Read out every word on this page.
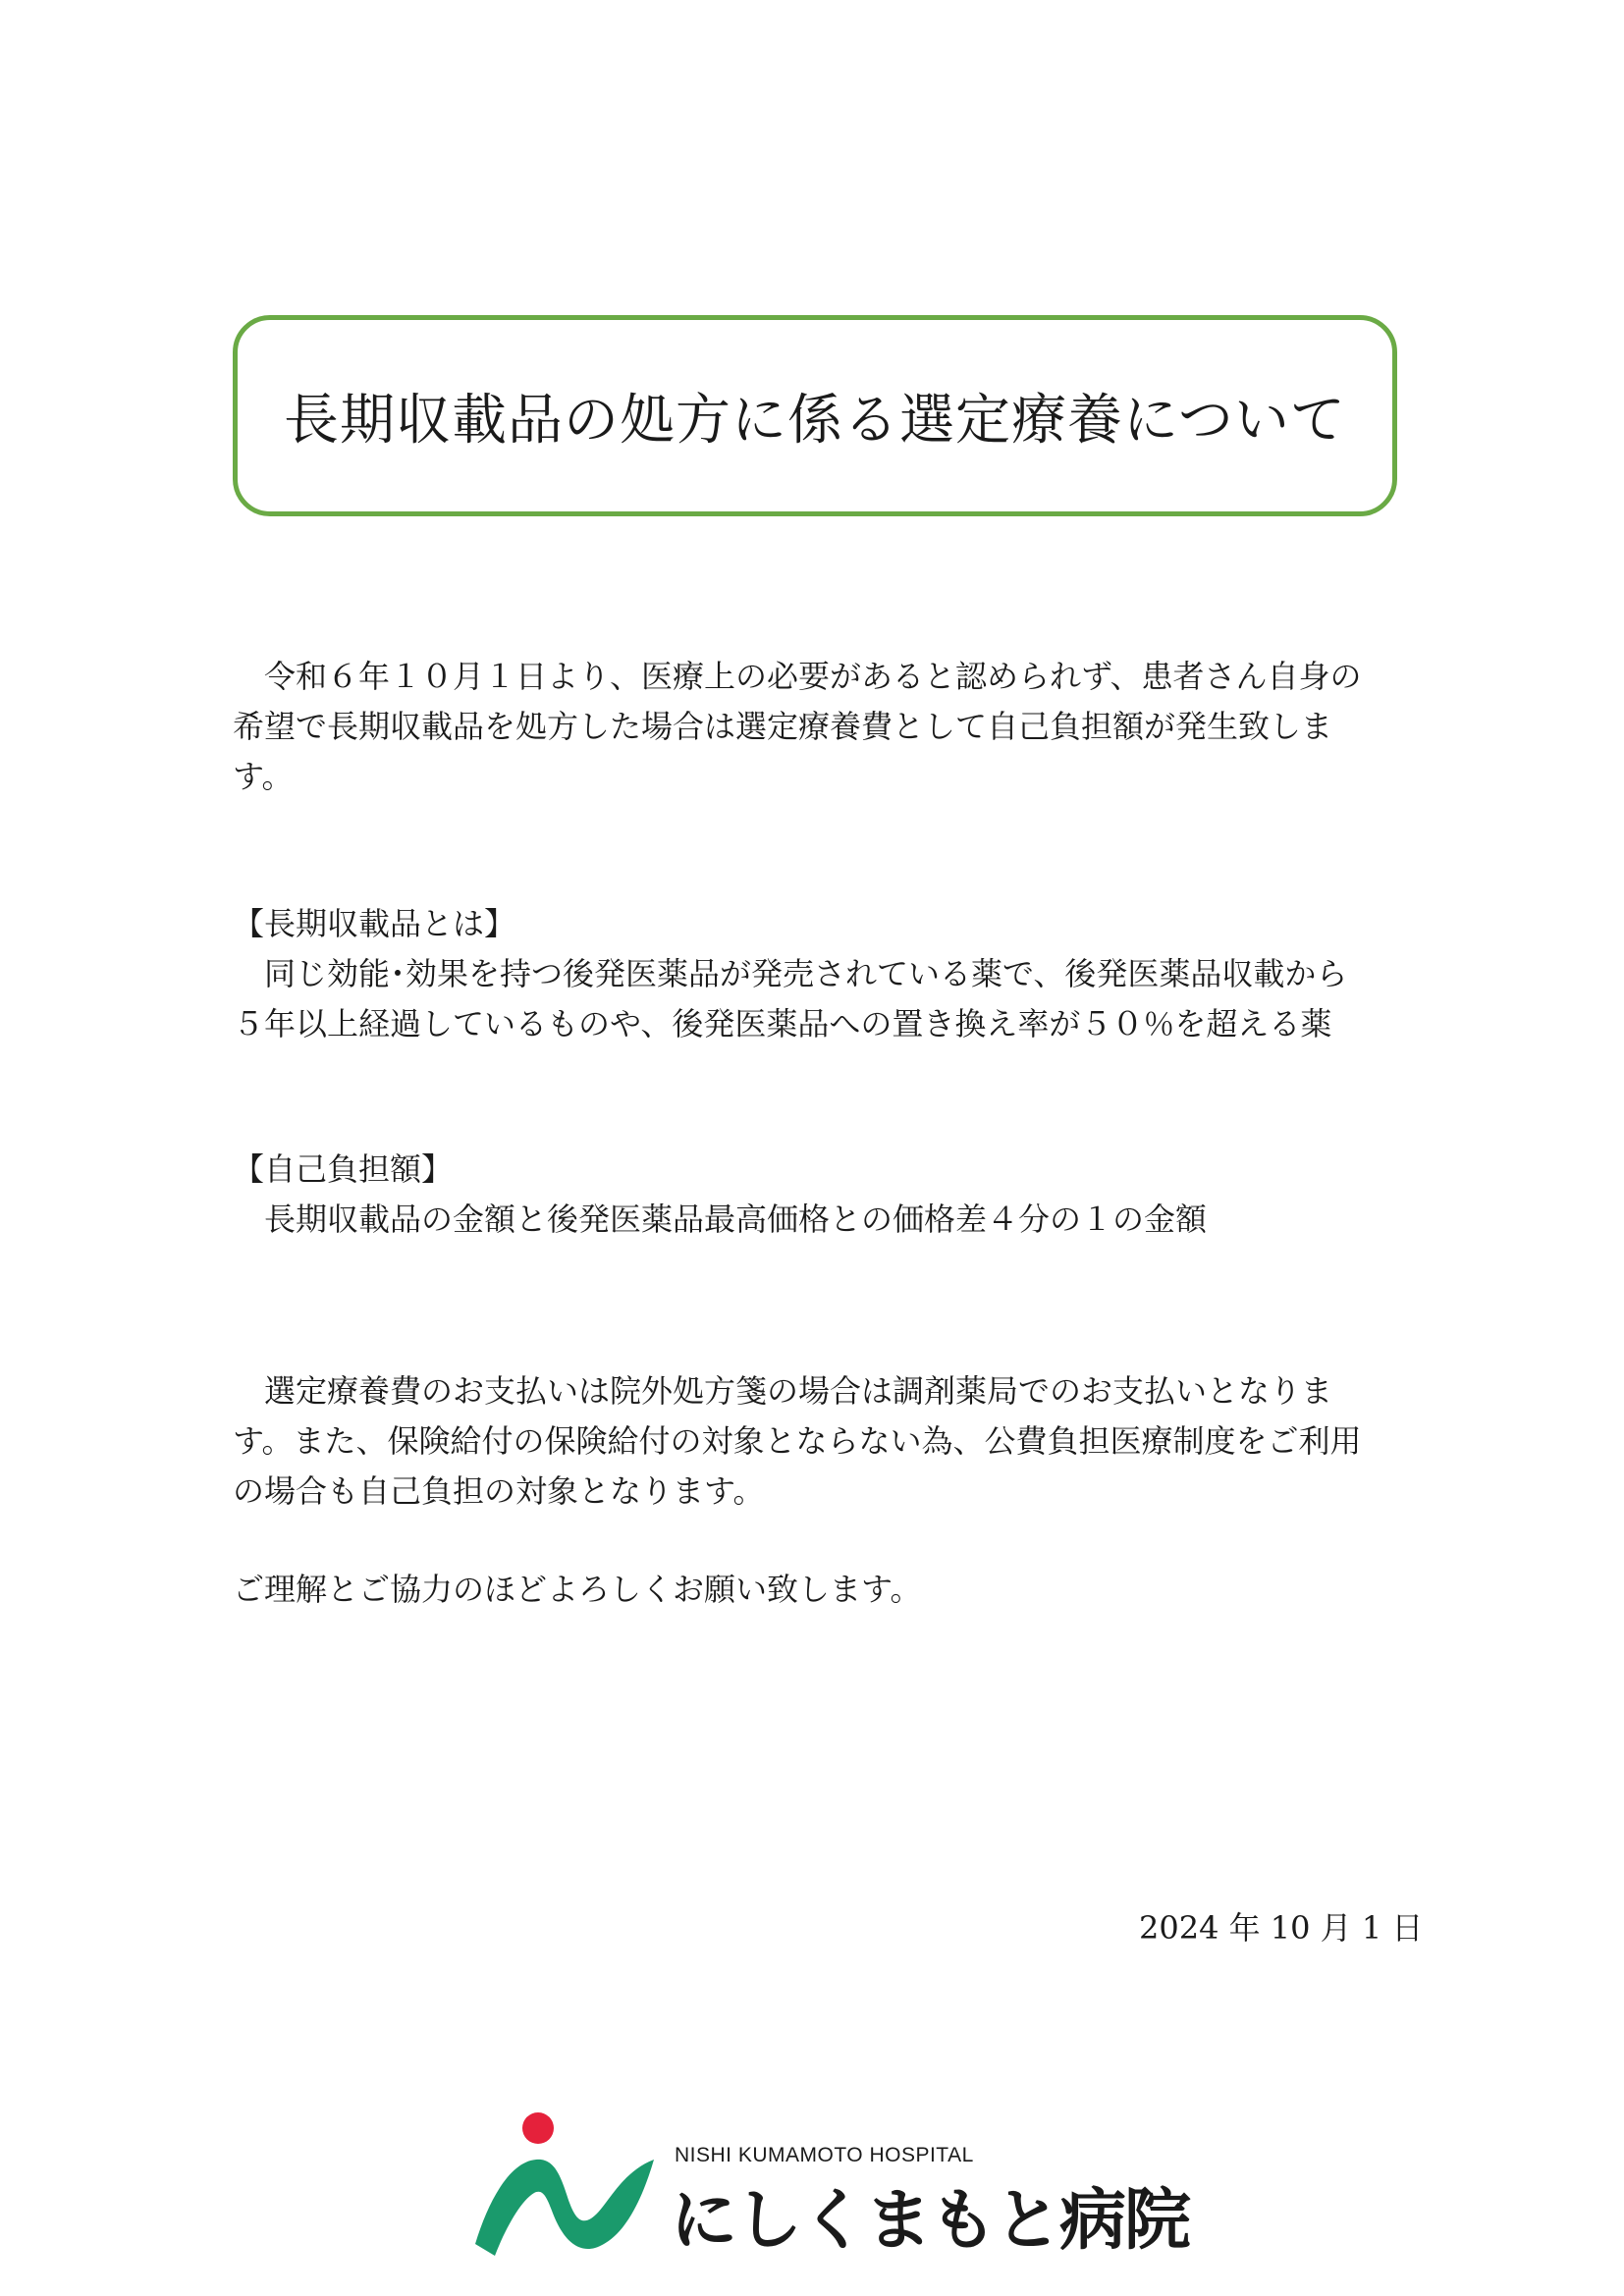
長期収載品の処方に係る選定療養について
　令和６年１０月１日より、医療上の必要があると認められず、患者さん自身の
希望で長期収載品を処方した場合は選定療養費として自己負担額が発生致しま
す。
【長期収載品とは】
　同じ効能･効果を持つ後発医薬品が発売されている薬で、後発医薬品収載から
５年以上経過しているものや、後発医薬品への置き換え率が５０％を超える薬
【自己負担額】
　長期収載品の金額と後発医薬品最高価格との価格差４分の１の金額
　選定療養費のお支払いは院外処方箋の場合は調剤薬局でのお支払いとなりま
す。また、保険給付の保険給付の対象とならない為、公費負担医療制度をご利用
の場合も自己負担の対象となります。
ご理解とご協力のほどよろしくお願い致します。
2024 年 10 月 1 日
NISHI KUMAMOTO HOSPITAL
にしくまもと病院
